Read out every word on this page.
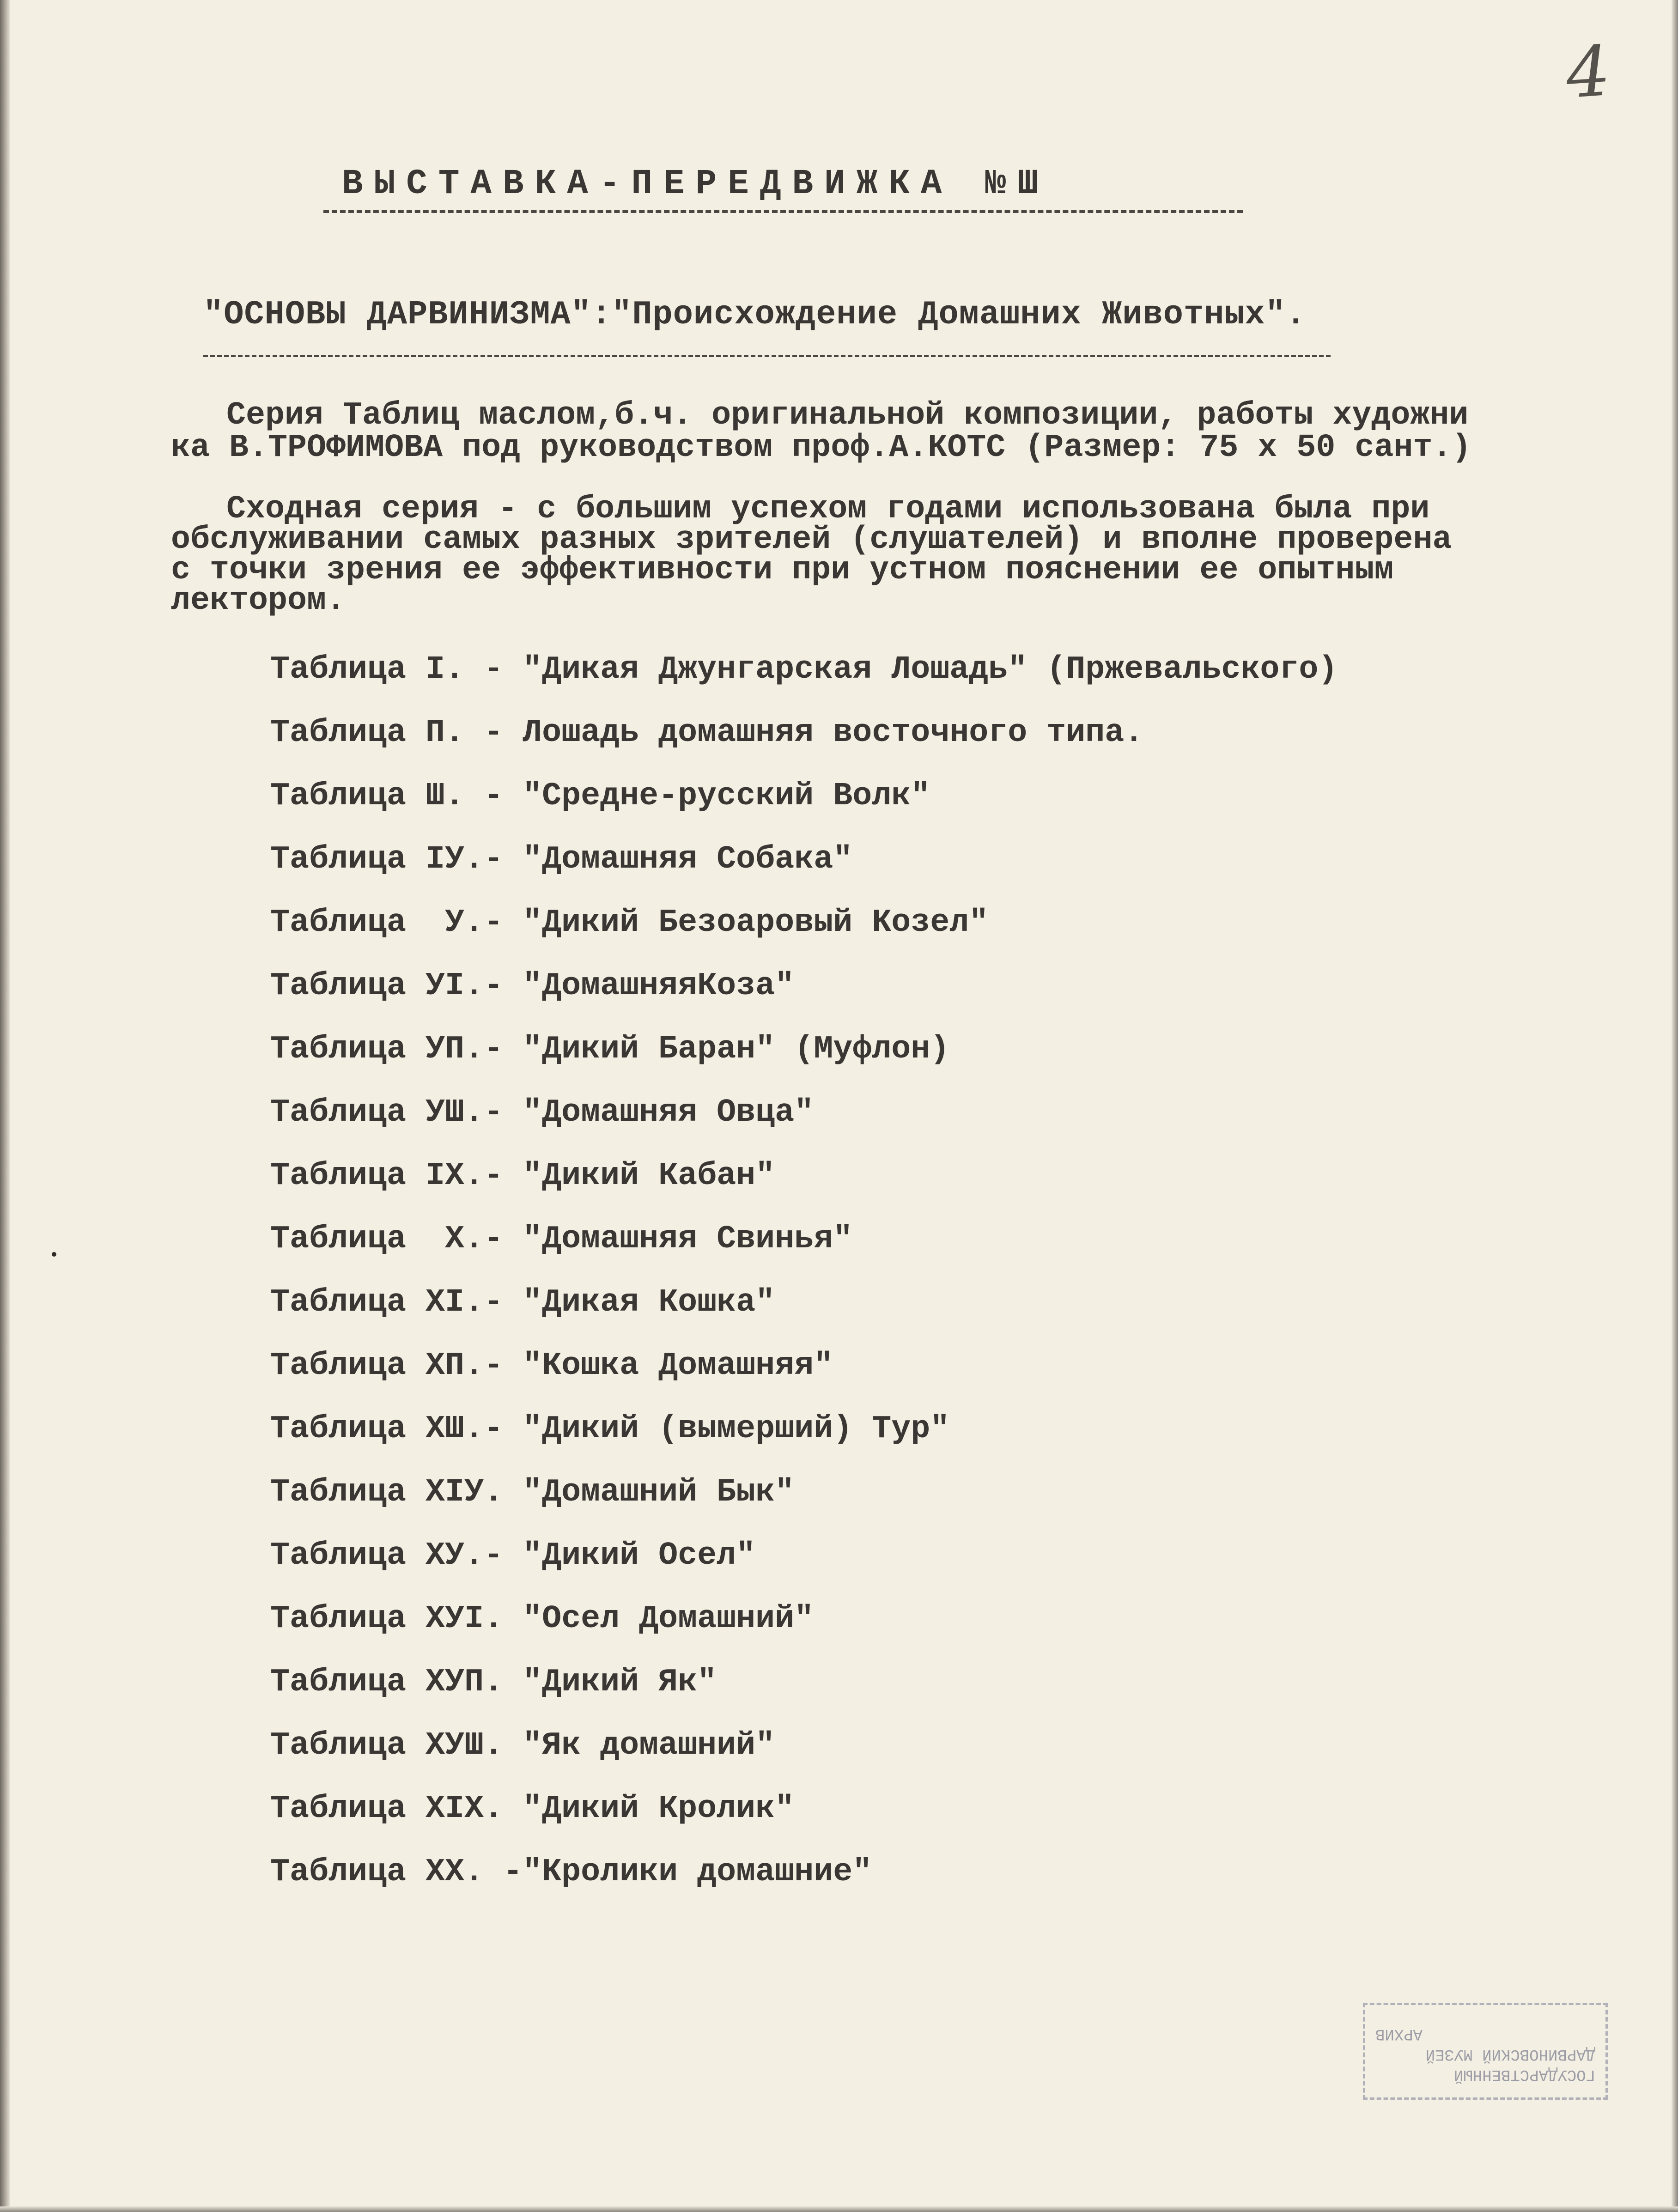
4
ВЫСТАВКА-ПЕРЕДВИЖКА №Ш
"ОСНОВЫ ДАРВИНИЗМА":"Происхождение Домашних Животных".
Серия Таблиц маслом,б.ч. оригинальной композиции, работы художни
ка В.ТРОФИМОВА под руководством проф.А.КОТС (Размер: 75 х 50 сант.)
Сходная серия - с большим успехом годами использована была при
обслуживании самых разных зрителей (слушателей) и вполне проверена
с точки зрения ее эффективности при устном пояснении ее опытным
лектором.
Таблица I. - "Дикая Джунгарская Лошадь" (Пржевальского)
Таблица П. - Лошадь домашняя восточного типа.
Таблица Ш. - "Средне-русский Волк"
Таблица IУ.- "Домашняя Собака"
Таблица  У.- "Дикий Безоаровый Козел"
Таблица УI.- "ДомашняяКоза"
Таблица УП.- "Дикий Баран" (Муфлон)
Таблица УШ.- "Домашняя Овца"
Таблица IХ.- "Дикий Кабан"
Таблица  Х.- "Домашняя Свинья"
Таблица ХI.- "Дикая Кошка"
Таблица ХП.- "Кошка Домашняя"
Таблица ХШ.- "Дикий (вымерший) Тур"
Таблица ХIУ. "Домашний Бык"
Таблица ХУ.- "Дикий Осел"
Таблица ХУI. "Осел Домашний"
Таблица ХУП. "Дикий Як"
Таблица ХУШ. "Як домашний"
Таблица ХIХ. "Дикий Кролик"
Таблица ХХ. -"Кролики домашние"
ГОСУДАРСТВЕННЫЙ
ДАРВИНОВСКИЙ МУЗЕЙ
АРХИВ
